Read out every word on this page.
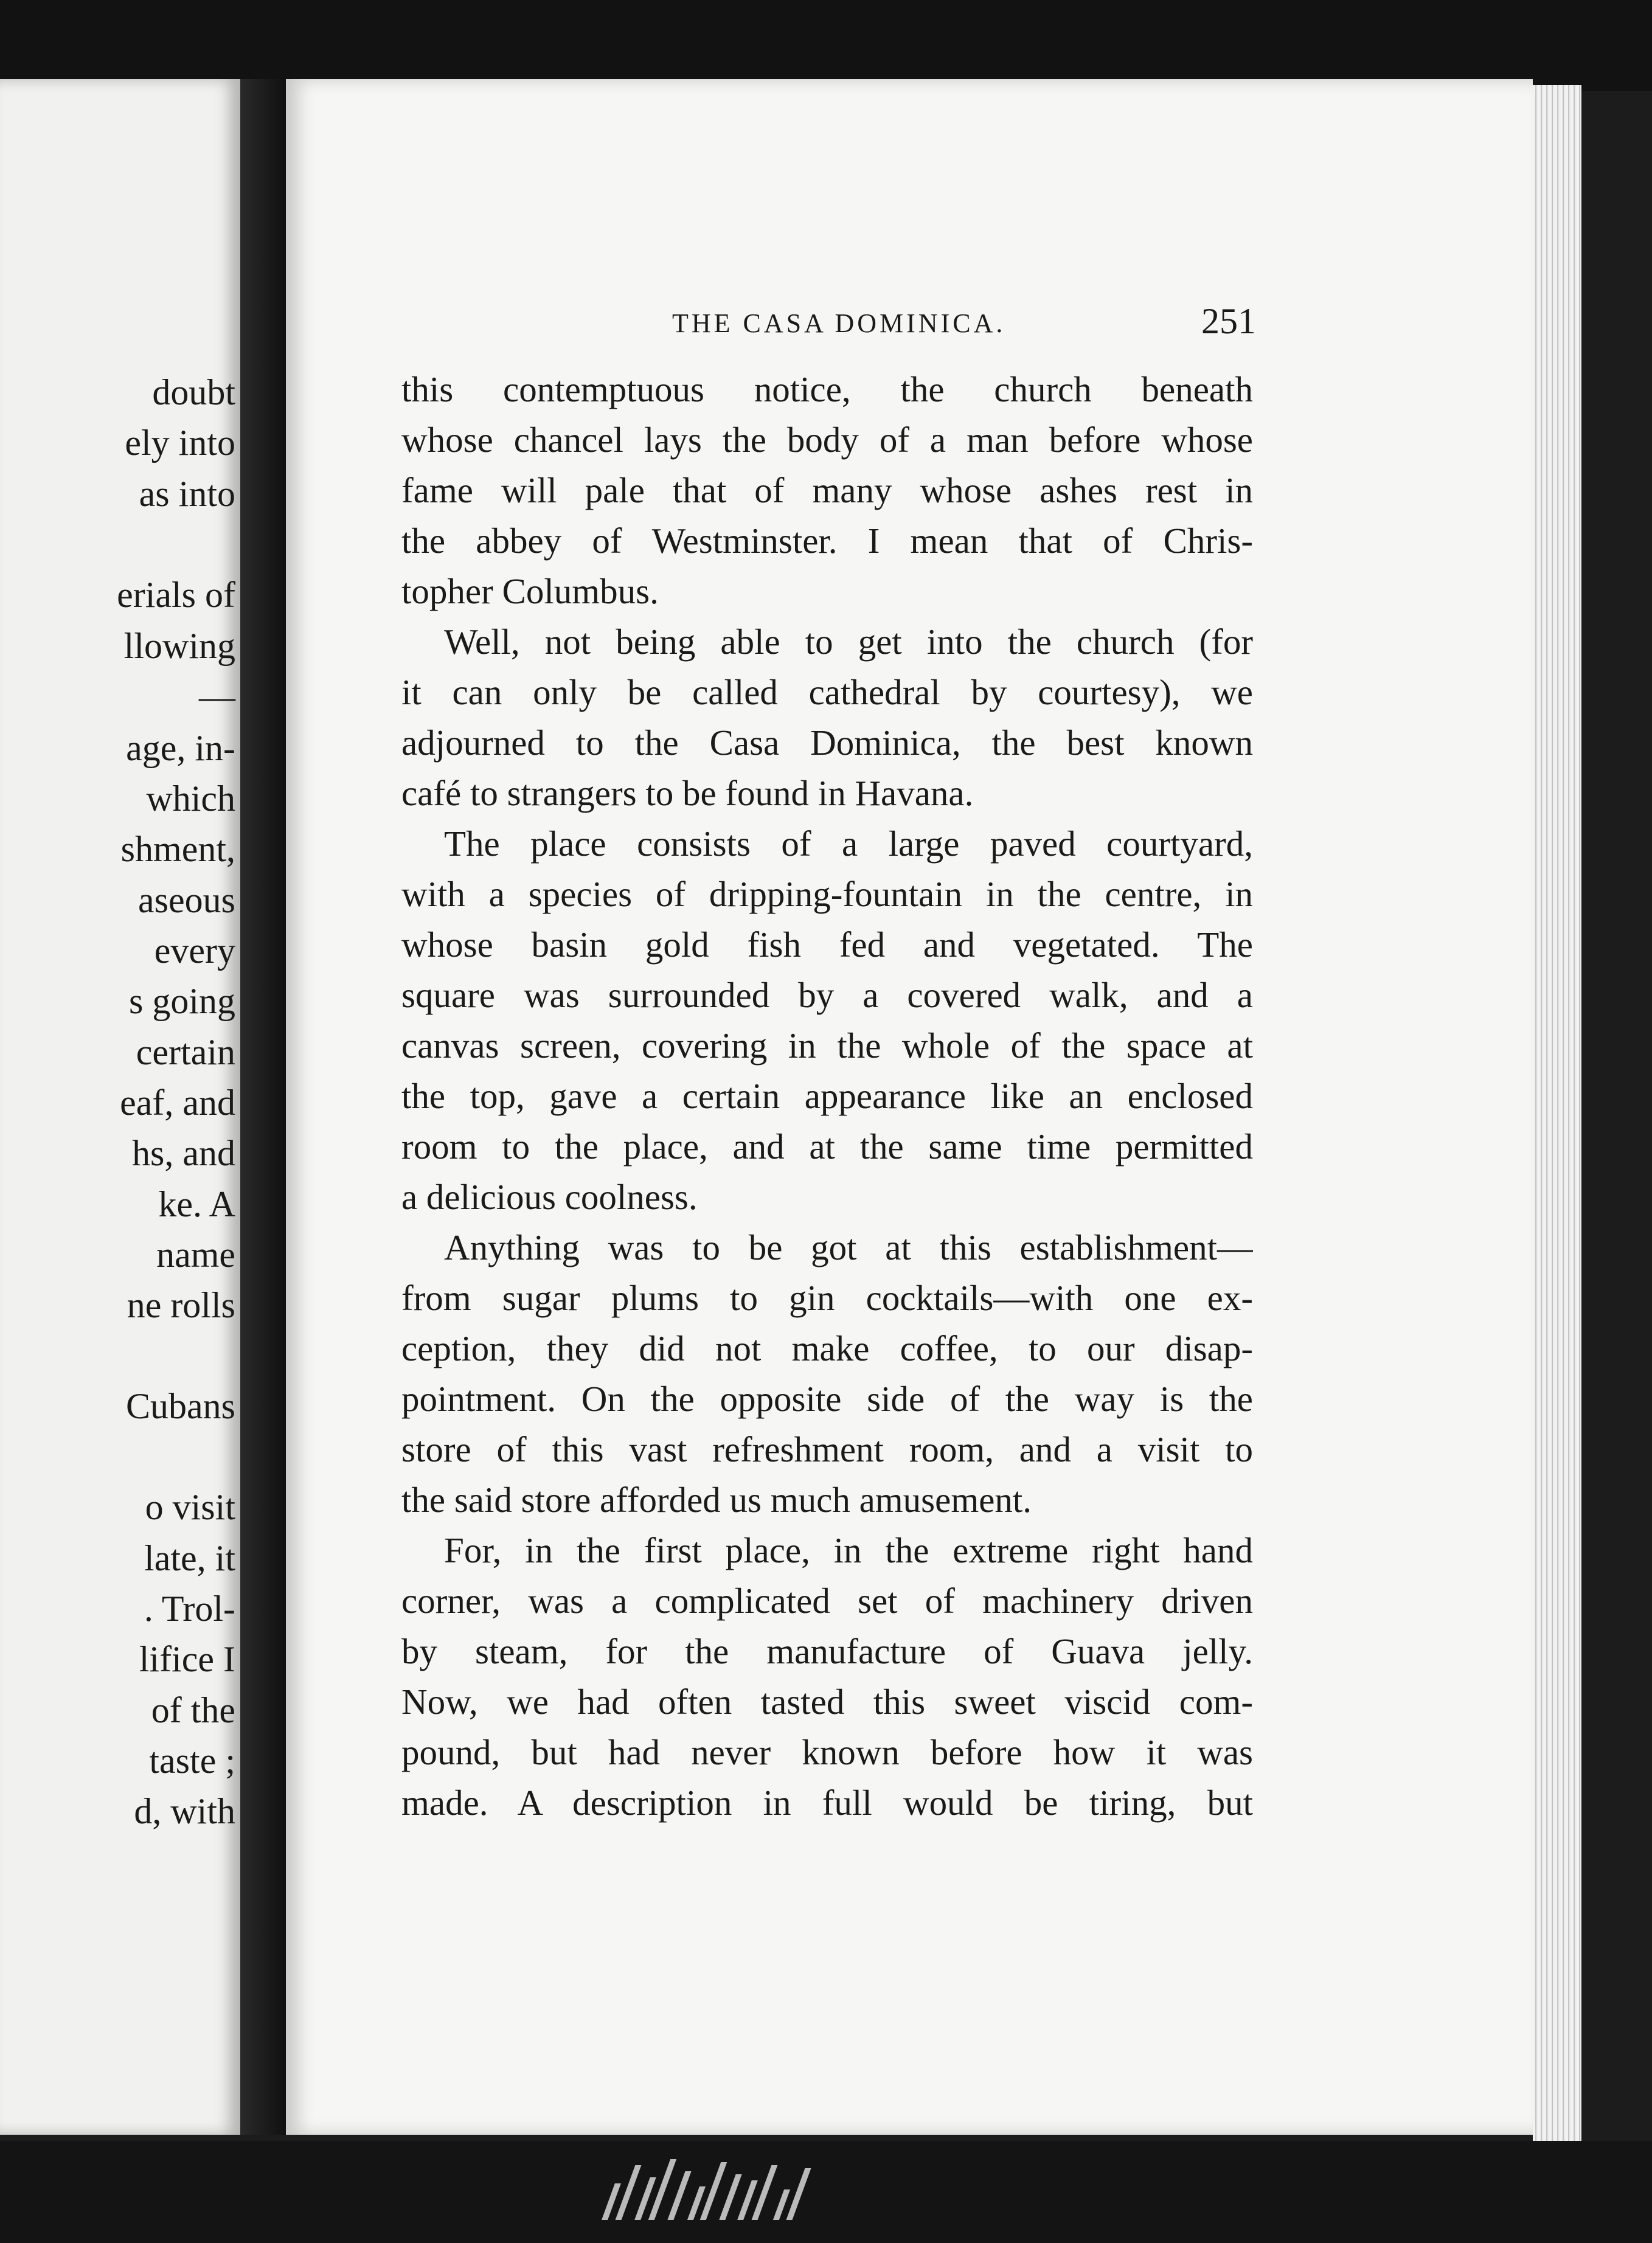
doubt
ely into
as into
erials of
llowing
—
age, in-
which
shment,
aseous
every
s going
certain
eaf, and
hs, and
ke. A
name
ne rolls
Cubans
o visit
late, it
. Trol-
lifice I
of the
taste ;
d, with
THE CASA DOMINICA.	251
this contemptuous notice, the church beneath
whose chancel lays the body of a man before whose
fame will pale that of many whose ashes rest in
the abbey of Westminster. I mean that of Chris-
topher Columbus.
Well, not being able to get into the church (for
it can only be called cathedral by courtesy), we
adjourned to the Casa Dominica, the best known
café to strangers to be found in Havana.
The place consists of a large paved courtyard,
with a species of dripping-fountain in the centre, in
whose basin gold fish fed and vegetated. The
square was surrounded by a covered walk, and a
canvas screen, covering in the whole of the space at
the top, gave a certain appearance like an enclosed
room to the place, and at the same time permitted
a delicious coolness.
Anything was to be got at this establishment—
from sugar plums to gin cocktails—with one ex-
ception, they did not make coffee, to our disap-
pointment. On the opposite side of the way is the
store of this vast refreshment room, and a visit to
the said store afforded us much amusement.
For, in the first place, in the extreme right hand
corner, was a complicated set of machinery driven
by steam, for the manufacture of Guava jelly.
Now, we had often tasted this sweet viscid com-
pound, but had never known before how it was
made. A description in full would be tiring, but
